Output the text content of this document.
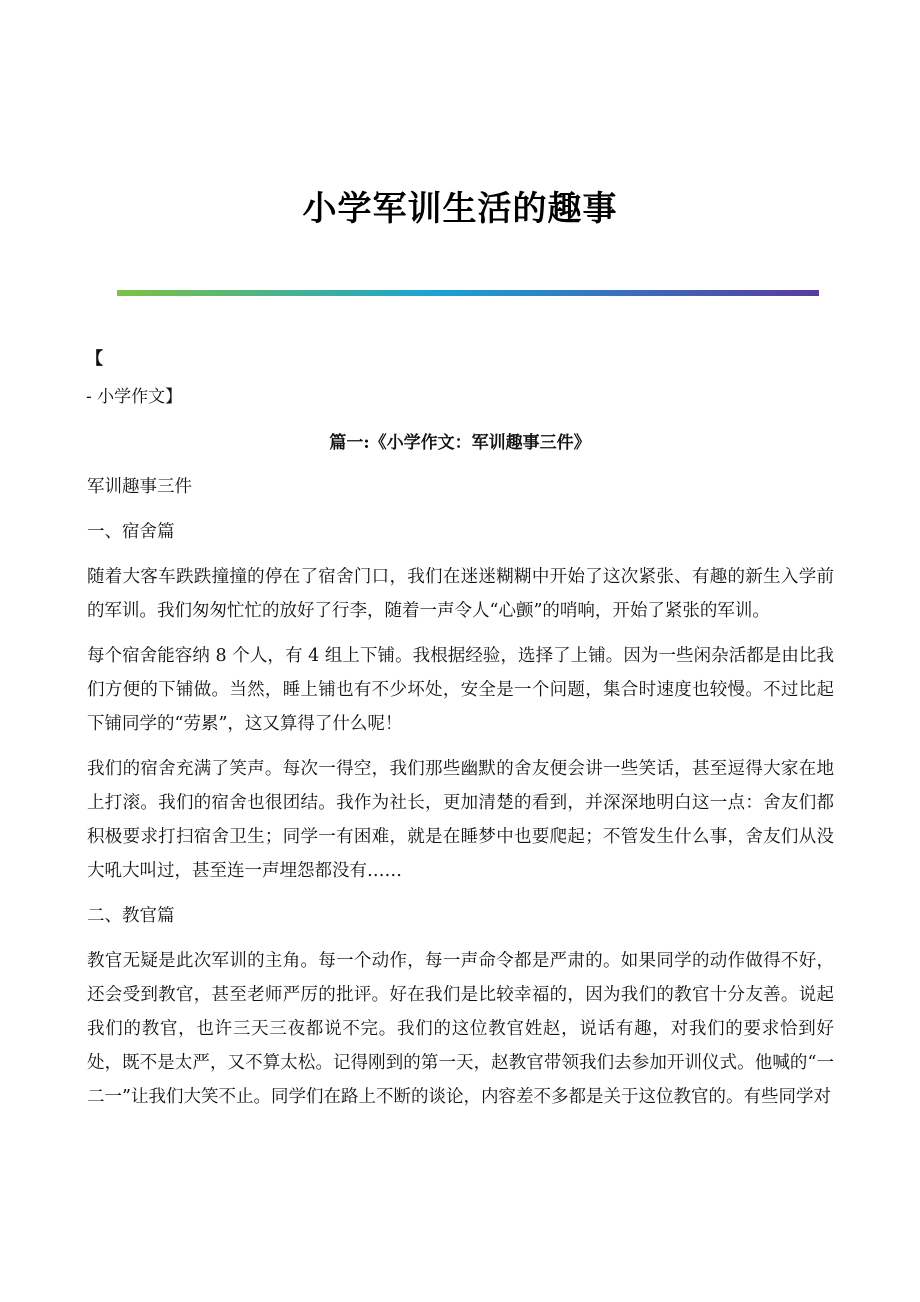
小学军训生活的趣事
【
- 小学作文】
篇一:《小学作文：军训趣事三件》

军训趣事三件

一、宿舍篇

随着大客车跌跌撞撞的停在了宿舍门口，我们在迷迷糊糊中开始了这次紧张、有趣的新生入学前的军训。我们匆匆忙忙的放好了行李，随着一声令人“心颤”的哨响，开始了紧张的军训。

每个宿舍能容纳 8 个人，有 4 组上下铺。我根据经验，选择了上铺。因为一些闲杂活都是由比我们方便的下铺做。当然，睡上铺也有不少坏处，安全是一个问题，集合时速度也较慢。不过比起下铺同学的“劳累”，这又算得了什么呢！

我们的宿舍充满了笑声。每次一得空，我们那些幽默的舍友便会讲一些笑话，甚至逗得大家在地上打滚。我们的宿舍也很团结。我作为社长，更加清楚的看到，并深深地明白这一点：舍友们都积极要求打扫宿舍卫生；同学一有困难，就是在睡梦中也要爬起；不管发生什么事，舍友们从没大吼大叫过，甚至连一声埋怨都没有……

二、教官篇

教官无疑是此次军训的主角。每一个动作，每一声命令都是严肃的。如果同学的动作做得不好，还会受到教官，甚至老师严厉的批评。好在我们是比较幸福的，因为我们的教官十分友善。说起我们的教官，也许三天三夜都说不完。我们的这位教官姓赵，说话有趣，对我们的要求恰到好处，既不是太严，又不算太松。记得刚到的第一天，赵教官带领我们去参加开训仪式。他喊的“一二一”让我们大笑不止。同学们在路上不断的谈论，内容差不多都是关于这位教官的。有些同学对
